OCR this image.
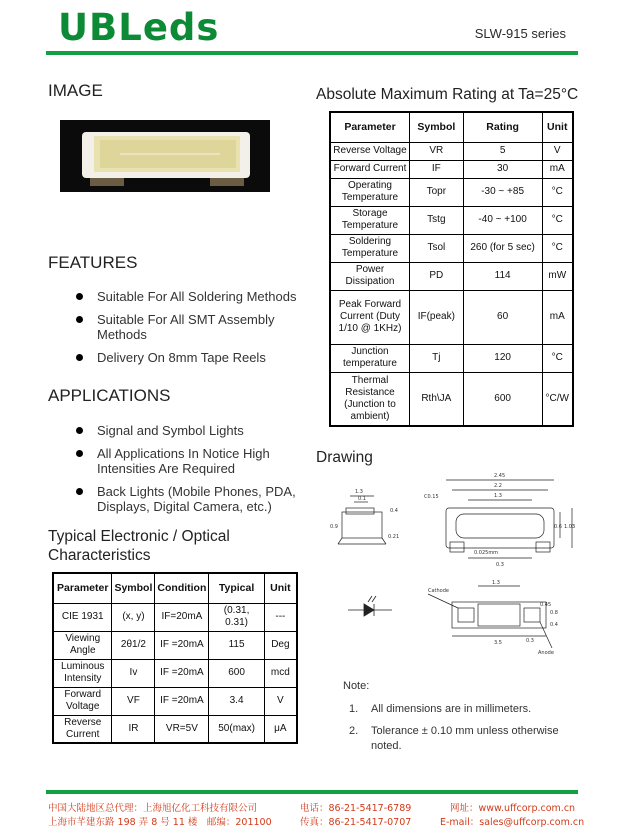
UBLeds	SLW-915 series
IMAGE	Absolute Maximum Rating at Ta=25°C
FEATURES
Suitable For All Soldering Methods
Suitable For All SMT Assembly Methods
Delivery On 8mm Tape Reels
APPLICATIONS
Signal and Symbol Lights
All Applications In Notice High Intensities Are Required
Back Lights (Mobile Phones, PDA, Displays, Digital Camera, etc.)
Typical Electronic / Optical Characteristics
Parameter	Symbol	Condition	Typical	Unit
CIE 1931	(x, y)	IF=20mA	(0.31, 0.31)	---
Viewing Angle	2θ1/2	IF =20mA	115	Deg
Luminous Intensity	Iv	IF =20mA	600	mcd
Forward Voltage	VF	IF =20mA	3.4	V
Reverse Current	IR	VR=5V	50(max)	μA
Parameter	Symbol	Rating	Unit
Reverse Voltage	VR	5	V
Forward Current	IF	30	mA
Operating Temperature	Topr	-30 ~ +85	°C
Storage Temperature	Tstg	-40 ~ +100	°C
Soldering Temperature	Tsol	260 (for 5 sec)	°C
Power Dissipation	PD	114	mW
Peak Forward Current (Duty 1/10 @ 1KHz)	IF(peak)	60	mA
Junction temperature	Tj	120	°C
Thermal Resistance (Junction to ambient)	Rth\JA	600	°C/W
Drawing
1.3
0.1
0.4
0.9
0.21
2.45
2.2
1.3
C0.15
0.6 1.03
0.025mm
0.3
1.3
Cathode
0.45
0.8
0.4
3.5	0.3
Anode
Note:
1. All dimensions are in millimeters.
2. Tolerance ± 0.10 mm unless otherwise noted.
中国大陆地区总代理：上海旭亿化工科技有限公司
上海市芊建东路 198 弄 8 号 11 楼　邮编：201100
电话：86-21-5417-6789
传真：86-21-5417-0707
网址：www.uffcorp.com.cn
E-mail：sales@uffcorp.com.cn
